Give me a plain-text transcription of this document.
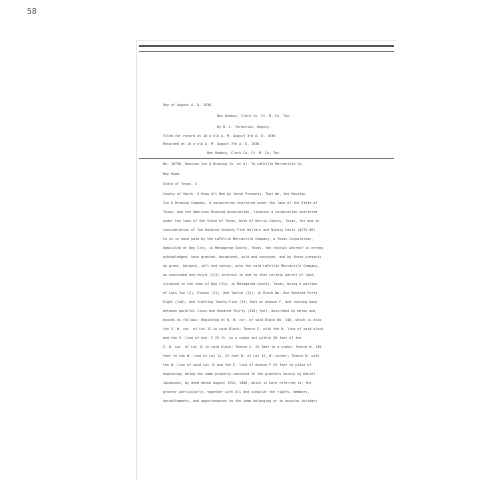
58
Day of August A. D. 1936.
Ben Huebis, Clerk Co. Ct. M. Co. Tex.
By H. L. Terbutius, Deputy.
Filed for record at 10 o'clk A. M. August 3rd A. D. 1936.
Recorded at 10 o'clk A. M. August 7th A. D. 1936.
Ben Huebis, Clerk Co. Ct. M. Co. Tex
No. 16758. Houston Ice & Brewing Co. et al. To LaFollie Mercantile Co.
Bay Road.
State of Texas. X
County of Smith. X Know All Men by these Presents, That We, the Houston
Ice & Brewing Company, a corporation chartered under the laws of the State of
Texas, and the American Brewing Association, likewise a corporation chartered
under the laws of the State of Texas, both of Harris County, Texas, for and in
consideration of Two Hundred Seventy Five Dollars and Ninety Cents ($275.90)
to us in hand paid by the LaFollie Mercantile Company, a Texas Corporation,
domiciled at Bay City, in Matagorda County, Texas, the receipt whereof is hereby
acknowledged, have granted, bargained, sold and conveyed, and by these presents
do grant, bargain, sell and convey, unto the said LaFollie Mercantile Company,
an undivided one-third (1/3) interest in and to that certain parcel of land,
situated in the town of Bay City, in Matagorda County, Texas, being a portion
of Lots Two (2), Eleven (11), and Twelve (12), in Block No. One Hundred Forty
Eight (148), and fronting Twenty-Five (25) feet on Avenue F, and running back
between parallel lines One Hundred Thirty (130) feet, described by metes and
bounds as follows: Beginning at N. W. cor. of said Block No. 148, which is also
the S. W. cor. of Lot 12 in said Block; Thence E. with the N. line of said block
and the S. line of Ave. F 25 ft. to a stake set within 50 feet of the
S. W. cor. of Lot 12 in said block; Thence S. 25 feet to a stake; Thence W. 130
feet to the W. line of Lot 12, 25 feet N. of Lot 12, W. corner; Thence N. with
the W. line of said Lot 12 and the E. line of Avenue F 25 feet to place of
beginning; being the same property conveyed to the grantors herein by Daniel
Jacobsohn, by deed dated August 13th, 1908, which is here referred to; the
grantor particularly, together with all and singular the rights, members,
hereditaments, and appurtenances to the same belonging or in anywise incident
